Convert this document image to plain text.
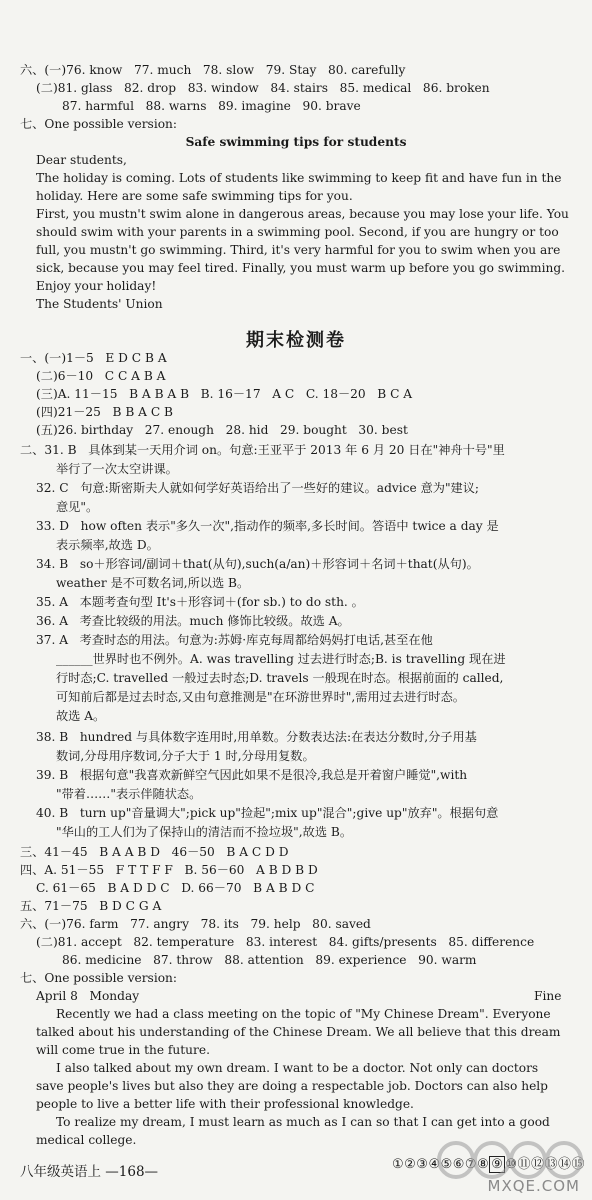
六、(一)76. know   77. much   78. slow   79. Stay   80. carefully
(二)81. glass   82. drop   83. window   84. stairs   85. medical   86. broken
87. harmful   88. warns   89. imagine   90. brave
七、One possible version:
Safe swimming tips for students
Dear students,
The holiday is coming. Lots of students like swimming to keep fit and have fun in the
holiday. Here are some safe swimming tips for you.
First, you mustn't swim alone in dangerous areas, because you may lose your life. You
should swim with your parents in a swimming pool. Second, if you are hungry or too
full, you mustn't go swimming. Third, it's very harmful for you to swim when you are
sick, because you may feel tired. Finally, you must warm up before you go swimming.
Enjoy your holiday!
The Students' Union
期末检测卷
一、(一)1－5   E D C B A
(二)6－10   C C A B A
(三)A. 11－15   B A B A B   B. 16－17   A C   C. 18－20   B C A
(四)21－25   B B A C B
(五)26. birthday   27. enough   28. hid   29. bought   30. best
二、31. B   具体到某一天用介词 on。句意:王亚平于 2013 年 6 月 20 日在"神舟十号"里
举行了一次太空讲课。
32. C   句意:斯密斯夫人就如何学好英语给出了一些好的建议。advice 意为"建议;
意见"。
33. D   how often 表示"多久一次",指动作的频率,多长时间。答语中 twice a day 是
表示频率,故选 D。
34. B   so＋形容词/副词＋that(从句),such(a/an)＋形容词＋名词＋that(从句)。
weather 是不可数名词,所以选 B。
35. A   本题考查句型 It's＋形容词＋(for sb.) to do sth. 。
36. A   考查比较级的用法。much 修饰比较级。故选 A。
37. A   考查时态的用法。句意为:苏姆·库克每周都给妈妈打电话,甚至在他
______世界时也不例外。A. was travelling 过去进行时态;B. is travelling 现在进
行时态;C. travelled 一般过去时态;D. travels 一般现在时态。根据前面的 called,
可知前后都是过去时态,又由句意推测是"在环游世界时",需用过去进行时态。
故选 A。
38. B   hundred 与具体数字连用时,用单数。分数表达法:在表达分数时,分子用基
数词,分母用序数词,分子大于 1 时,分母用复数。
39. B   根据句意"我喜欢新鲜空气因此如果不是很冷,我总是开着窗户睡觉",with
"带着……"表示伴随状态。
40. B   turn up"音量调大";pick up"捡起";mix up"混合";give up"放弃"。根据句意
"华山的工人们为了保持山的清洁而不捡垃圾",故选 B。
三、41－45   B A A B D   46－50   B A C D D
四、A. 51－55   F T T F F   B. 56－60   A B D B D
C. 61－65   B A D D C   D. 66－70   B A B D C
五、71－75   B D C G A
六、(一)76. farm   77. angry   78. its   79. help   80. saved
(二)81. accept   82. temperature   83. interest   84. gifts/presents   85. difference
86. medicine   87. throw   88. attention   89. experience   90. warm
七、One possible version:
April 8   Monday	Fine
Recently we had a class meeting on the topic of "My Chinese Dream". Everyone
talked about his understanding of the Chinese Dream. We all believe that this dream
will come true in the future.
I also talked about my own dream. I want to be a doctor. Not only can doctors
save people's lives but also they are doing a respectable job. Doctors can also help
people to live a better life with their professional knowledge.
To realize my dream, I must learn as much as I can so that I can get into a good
medical college.
①②③④⑤⑥⑦⑧ ⑨ ⑩⑪⑫⑬⑭⑮
八年级英语上 —168—
MXQE.COM
